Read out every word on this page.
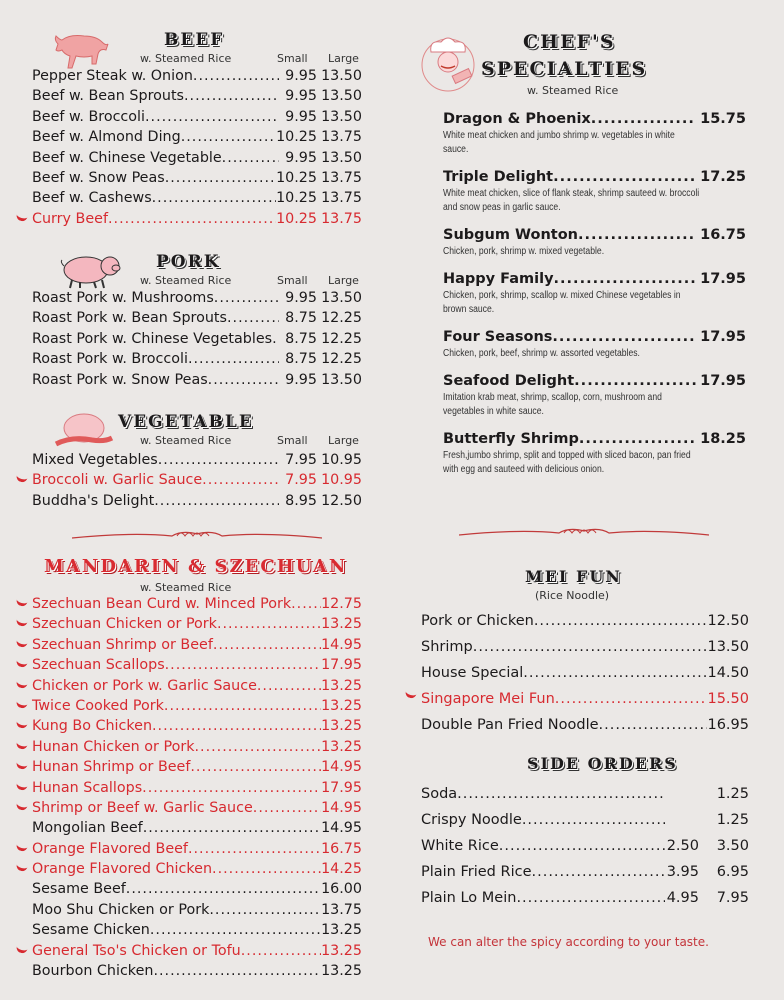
BEEF
w. Steamed Rice	Small Large
Pepper Steak w. Onion .....	9.95 13.50
Beef w. Bean Sprouts .....	9.95 13.50
Beef w. Broccoli .....	9.95 13.50
Beef w. Almond Ding .....	10.25 13.75
Beef w. Chinese Vegetable .....	9.95 13.50
Beef w. Snow Peas .....	10.25 13.75
Beef w. Cashews .....	10.25 13.75
Curry Beef .....	10.25 13.75
PORK
w. Steamed Rice	Small Large
Roast Pork w. Mushrooms .....	9.95 13.50
Roast Pork w. Bean Sprouts .....	8.75 12.25
Roast Pork w. Chinese Vegetables ..... 8.75 12.25
Roast Pork w. Broccoli .....	8.75 12.25
Roast Pork w. Snow Peas .....	9.95 13.50
VEGETABLE
w. Steamed Rice	Small Large
Mixed Vegetables .....	7.95 10.95
Broccoli w. Garlic Sauce .....	7.95 10.95
Buddha's Delight .....	8.95 12.50
MANDARIN & SZECHUAN
w. Steamed Rice
Szechuan Bean Curd w. Minced Pork ..... 12.75
Szechuan Chicken or Pork .....	13.25
Szechuan Shrimp or Beef .....	14.95
Szechuan Scallops .....	17.95
Chicken or Pork w. Garlic Sauce .....	13.25
Twice Cooked Pork .....	13.25
Kung Bo Chicken .....	13.25
Hunan Chicken or Pork .....	13.25
Hunan Shrimp or Beef .....	14.95
Hunan Scallops .....	17.95
Shrimp or Beef w. Garlic Sauce .....	14.95
Mongolian Beef .....	14.95
Orange Flavored Beef .....	16.75
Orange Flavored Chicken .....	14.25
Sesame Beef .....	16.00
Moo Shu Chicken or Pork .....	13.75
Sesame Chicken .....	13.25
General Tso's Chicken or Tofu .....	13.25
Bourbon Chicken .....	13.25
CHEF'S
SPECIALTIES
w. Steamed Rice
Dragon & Phoenix .....	15.75
White meat chicken and jumbo shrimp w. vegetables in white sauce.
Triple Delight .....	17.25
White meat chicken, slice of flank steak, shrimp sauteed w. broccoli and snow peas in garlic sauce.
Subgum Wonton .....	16.75
Chicken, pork, shrimp w. mixed vegetable.
Happy Family .....	17.95
Chicken, pork, shrimp, scallop w. mixed Chinese vegetables in brown sauce.
Four Seasons .....	17.95
Chicken, pork, beef, shrimp w. assorted vegetables.
Seafood Delight .....	17.95
Imitation krab meat, shrimp, scallop, corn, mushroom and vegetables in white sauce.
Butterfly Shrimp .....	18.25
Fresh,jumbo shrimp, split and topped with sliced bacon, pan fried with egg and sauteed with delicious onion.
MEI FUN
(Rice Noodle)
Pork or Chicken .....	12.50
Shrimp .....	13.50
House Special .....	14.50
Singapore Mei Fun .....	15.50
Double Pan Fried Noodle .....	16.95
SIDE ORDERS
Soda .....	1.25
Crispy Noodle .....	1.25
White Rice .....	2.50	3.50
Plain Fried Rice .....	3.95	6.95
Plain Lo Mein .....	4.95	7.95
We can alter the spicy according to your taste.
